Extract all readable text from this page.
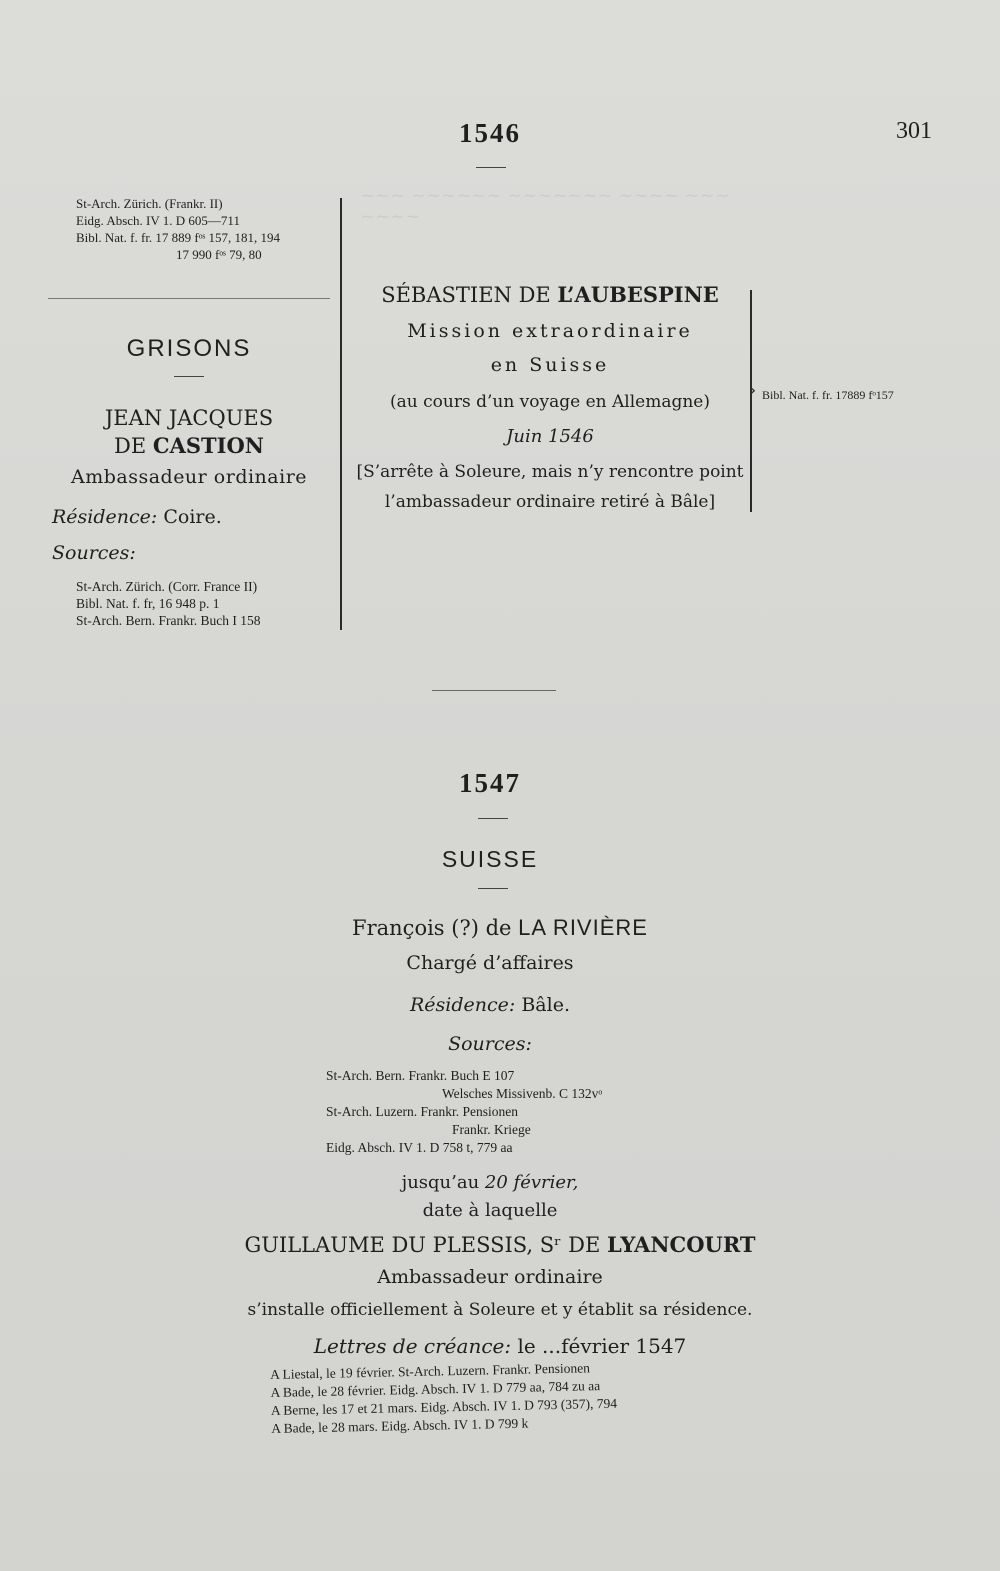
~~~ ~~~~~~ ~~~~~~~ ~~~~ ~~~ ~~~~
301
1546
St-Arch. Zürich. (Frankr. II)
Eidg. Absch. IV 1. D 605—711
Bibl. Nat. f. fr. 17 889 fᵒˢ 157, 181, 194
17 990 fᵒˢ 79, 80
GRISONS
JEAN JACQUES
DE CASTION
Ambassadeur ordinaire
Résidence: Coire.
Sources:
St-Arch. Zürich. (Corr. France II)
Bibl. Nat. f. fr, 16 948 p. 1
St-Arch. Bern. Frankr. Buch I 158
SÉBASTIEN DE L’AUBESPINE
Mission extraordinaire
en Suisse
(au cours d’un voyage en Allemagne)
Juin 1546
[S’arrête à Soleure, mais n’y rencontre point
l’ambassadeur ordinaire retiré à Bâle]
› Bibl. Nat. f. fr. 17889 fᵒ157
1547
SUISSE
François (?) de LA RIVIÈRE
Chargé d’affaires
Résidence: Bâle.
Sources:
St-Arch. Bern. Frankr. Buch E 107
Welsches Missivenb. C 132vᵒ
St-Arch. Luzern. Frankr. Pensionen
Frankr. Kriege
Eidg. Absch. IV 1. D 758 t, 779 aa
jusqu’au 20 février,
date à laquelle
GUILLAUME DU PLESSIS, Sʳ DE LYANCOURT
Ambassadeur ordinaire
s’installe officiellement à Soleure et y établit sa résidence.
Lettres de créance: le ...février 1547
A Liestal, le 19 février. St-Arch. Luzern. Frankr. Pensionen
A Bade, le 28 février. Eidg. Absch. IV 1. D 779 aa, 784 zu aa
A Berne, les 17 et 21 mars. Eidg. Absch. IV 1. D 793 (357), 794
A Bade, le 28 mars. Eidg. Absch. IV 1. D 799 k
